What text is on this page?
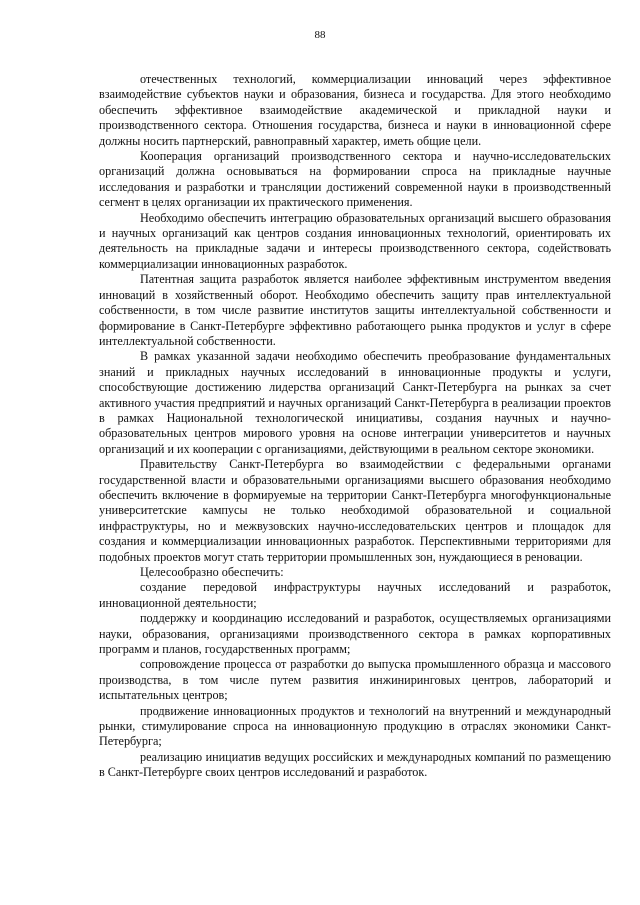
88

отечественных технологий, коммерциализации инноваций через эффективное взаимодействие субъектов науки и образования, бизнеса и государства. Для этого необходимо обеспечить эффективное взаимодействие академической и прикладной науки и производственного сектора. Отношения государства, бизнеса и науки в инновационной сфере должны носить партнерский, равноправный характер, иметь общие цели.

Кооперация организаций производственного сектора и научно-исследовательских организаций должна основываться на формировании спроса на прикладные научные исследования и разработки и трансляции достижений современной науки в производственный сегмент в целях организации их практического применения.

Необходимо обеспечить интеграцию образовательных организаций высшего образования и научных организаций как центров создания инновационных технологий, ориентировать их деятельность на прикладные задачи и интересы производственного сектора, содействовать коммерциализации инновационных разработок.

Патентная защита разработок является наиболее эффективным инструментом введения инноваций в хозяйственный оборот. Необходимо обеспечить защиту прав интеллектуальной собственности, в том числе развитие институтов защиты интеллектуальной собственности и формирование в Санкт-Петербурге эффективно работающего рынка продуктов и услуг в сфере интеллектуальной собственности.

В рамках указанной задачи необходимо обеспечить преобразование фундаментальных знаний и прикладных научных исследований в инновационные продукты и услуги, способствующие достижению лидерства организаций Санкт-Петербурга на рынках за счет активного участия предприятий и научных организаций Санкт-Петербурга в реализации проектов в рамках Национальной технологической инициативы, создания научных и научно-образовательных центров мирового уровня на основе интеграции университетов и научных организаций и их кооперации с организациями, действующими в реальном секторе экономики.

Правительству Санкт-Петербурга во взаимодействии с федеральными органами государственной власти и образовательными организациями высшего образования необходимо обеспечить включение в формируемые на территории Санкт-Петербурга многофункциональные университетские кампусы не только необходимой образовательной и социальной инфраструктуры, но и межвузовских научно-исследовательских центров и площадок для создания и коммерциализации инновационных разработок. Перспективными территориями для подобных проектов могут стать территории промышленных зон, нуждающиеся в реновации.

Целесообразно обеспечить:

создание передовой инфраструктуры научных исследований и разработок, инновационной деятельности;

поддержку и координацию исследований и разработок, осуществляемых организациями науки, образования, организациями производственного сектора в рамках корпоративных программ и планов, государственных программ;

сопровождение процесса от разработки до выпуска промышленного образца и массового производства, в том числе путем развития инжиниринговых центров, лабораторий и испытательных центров;

продвижение инновационных продуктов и технологий на внутренний и международный рынки, стимулирование спроса на инновационную продукцию в отраслях экономики Санкт-Петербурга;

реализацию инициатив ведущих российских и международных компаний по размещению в Санкт-Петербурге своих центров исследований и разработок.
